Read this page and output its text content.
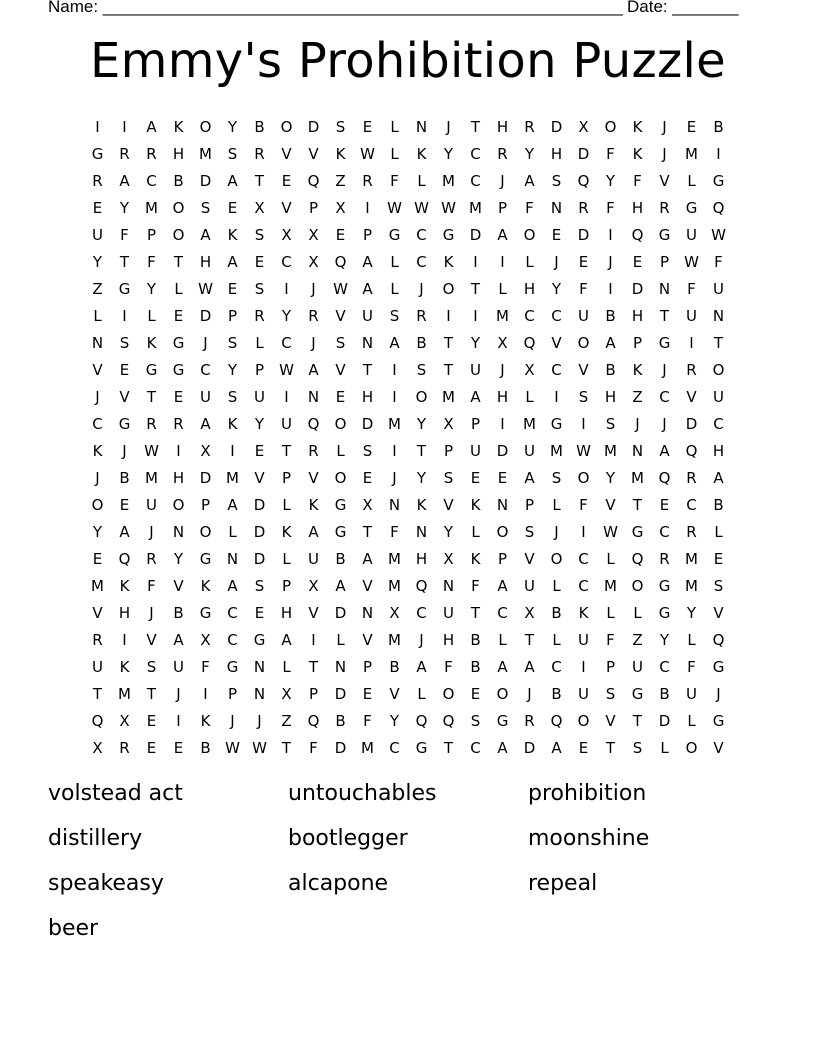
Name: _______________________________________________________ Date: _______
Emmy's Prohibition Puzzle
I	I	A	K	O	Y	B	O	D	S	E	L	N	J	T	H	R	D	X	O	K	J	E	B
G	R	R	H M	S	R	V	V	K W	L	K	Y	C	R	Y	H	D	F	K	J	M	I
R	A	C	B	D	A	T	E	Q	Z	R	F	L	M	C	J	A	S	Q	Y	F	V	L	G
E	Y	M O	S	E	X	V	P	X	I	W W W M	P	F	N	R	F	H	R	G	Q
U	F	P	O	A	K	S	X	X	E	P	G	C	G	D	A	O	E	D	I	Q	G	U W
Y	T	F	T	H	A	E	C	X	Q	A	L	C	K	I	I	L	J	E	J	E	P	W	F
Z	G	Y	L	W E	S	I	J	W A	L	J	O	T	L	H	Y	F	I	D	N	F	U
L	I	L	E	D	P	R	Y	R	V	U	S	R	I	I	M	C	C	U	B	H	T	U	N
N	S	K	G	J	S	L	C	J	S	N	A	B	T	Y	X	Q	V	O	A	P	G	I	T
V	E	G	G	C	Y	P	W A	V	T	I	S	T	U	J	X	C	V	B	K	J	R	O
J	V	T	E	U	S	U	I	N	E	H	I	O M	A	H	L	I	S	H	Z	C	V	U
C	G	R	R	A	K	Y	U	Q	O	D M	Y	X	P	I	M G	I	S	J	J	D	C
K	J	W	I	X	I	E	T	R	L	S	I	T	P	U	D	U	M W M N	A	Q	H
J	B	M H	D M	V	P	V	O	E	J	Y	S	E	E	A	S	O	Y	M Q	R	A
O	E	U	O	P	A	D	L	K	G	X	N	K	V	K	N	P	L	F	V	T	E	C	B
Y	A	J	N	O	L	D	K	A	G	T	F	N	Y	L	O	S	J	I	W G	C	R	L
E	Q	R	Y	G	N	D	L	U	B	A	M H	X	K	P	V	O	C	L	Q	R	M	E
M	K	F	V	K	A	S	P	X	A	V	M Q	N	F	A	U	L	C	M O	G M	S
V	H	J	B	G	C	E	H	V	D	N	X	C	U	T	C	X	B	K	L	L	G	Y	V
R	I	V	A	X	C	G	A	I	L	V	M	J	H	B	L	T	L	U	F	Z	Y	L	Q
U	K	S	U	F	G	N	L	T	N	P	B	A	F	B	A	A	C	I	P	U	C	F	G
T	M	T	J	I	P	N	X	P	D	E	V	L	O	E	O	J	B	U	S	G	B	U	J
Q	X	E	I	K	J	J	Z	Q	B	F	Y	Q	Q	S	G	R	Q	O	V	T	D	L	G
X	R	E	E	B W W T	F	D M	C	G	T	C	A	D	A	E	T	S	L	O	V
volstead act	untouchables	prohibition
distillery	bootlegger	moonshine
speakeasy	alcapone	repeal
beer
